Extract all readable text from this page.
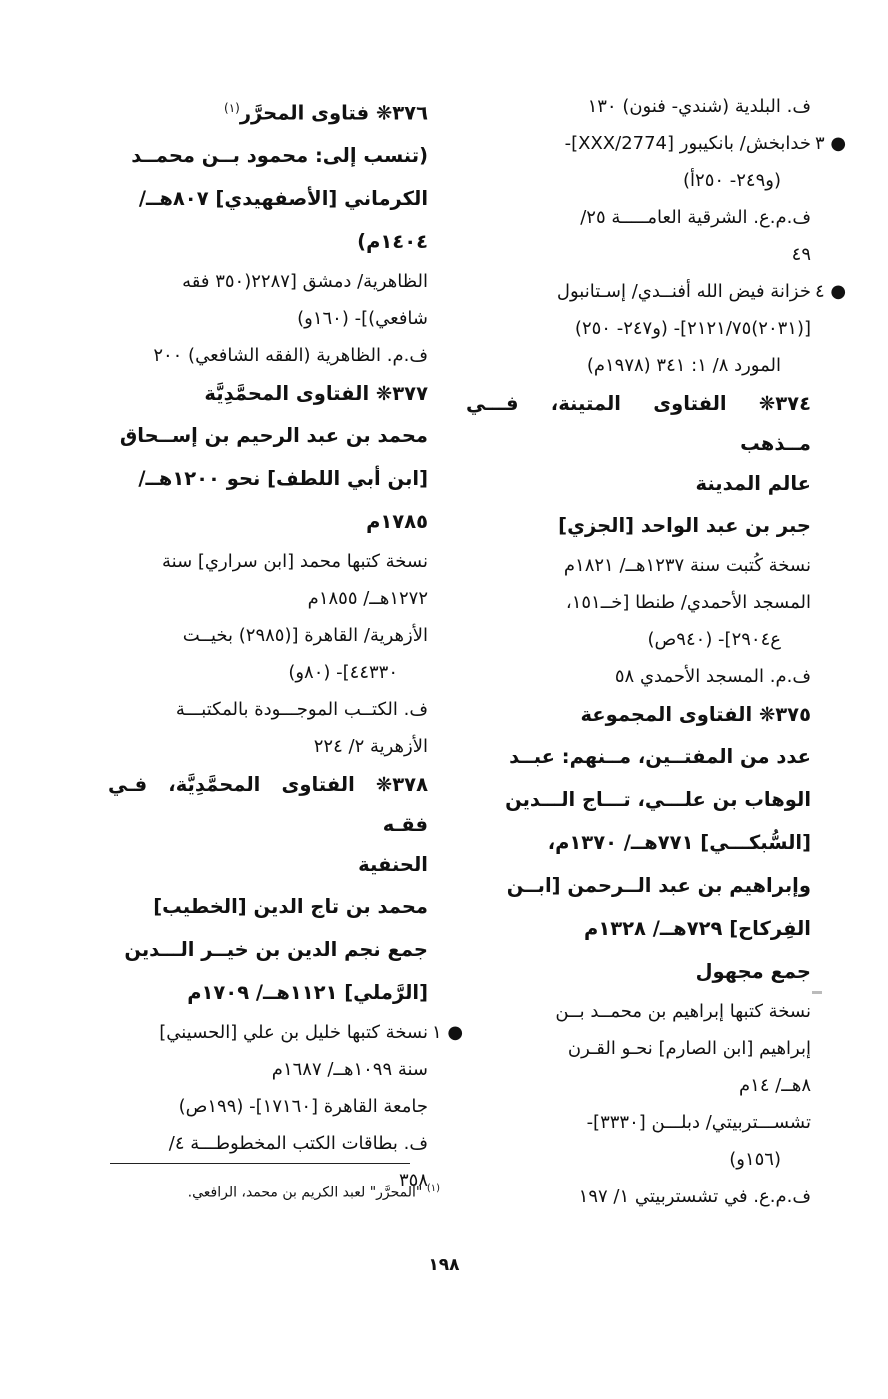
ف. البلدية (شندي- فنون) ١٣٠
● ٣
خدابخش/ بانكيبور [2774/XXX]-
(و٢٤٩- ٢٥٠أ)
ف.م.ع. الشرقية العامـــــة ٢٥/
٤٩
● ٤
خزانة فيض الله أفنــدي/ إسـتانبول
[(٢٠٣١)٢١٢١/٧٥]- (و٢٤٧- ٢٥٠)
المورد ٨/ ١: ٣٤١ (١٩٧٨م)
٣٧٤❋ الفتاوى المتينة، فـــي مــذهب
عالم المدينة
جبر بن عبد الواحد [الجزي]
نسخة كُتبت سنة ١٢٣٧هــ/ ١٨٢١م
المسجد الأحمدي/ طنطا [خــ١٥١،
ع٢٩٠٤]- (٩٤٠ص)
ف.م. المسجد الأحمدي ٥٨
٣٧٥❋ الفتاوى المجموعة
عدد من المفتــين، مــنهم: عبــد
الوهاب بن علـــي، تـــاج الـــدين
[السُّبكـــي] ٧٧١هــ/ ١٣٧٠م،
وإبراهيم بن عبد الــرحمن [ابــن
الفِركاح] ٧٢٩هــ/ ١٣٢٨م
جمع مجهول
نسخة كتبها إبراهيم بن محمــد بــن
إبراهيم [ابن الصارم] نحـو القـرن
٨هــ/ ١٤م
تشســـتربيتي/ دبلـــن [٣٣٣٠]-
(١٥٦و)
ف.م.ع. في تشستربيتي ١/ ١٩٧
٣٧٦❋ فتاوى المحرَّر$^{(١)}$
(تنسب إلى: محمود بــن محمــد
الكرماني [الأصفهيدي] ٨٠٧هــ/
١٤٠٤م)
الظاهرية/ دمشق [٢٢٨٧(٣٥٠ فقه
شافعي)]- (١٦٠و)
ف.م. الظاهرية (الفقه الشافعي) ٢٠٠
٣٧٧❋ الفتاوى المحمَّدِيَّة
محمد بن عبد الرحيم بن إســحاق
[ابن أبي اللطف] نحو ١٢٠٠هــ/
١٧٨٥م
نسخة كتبها محمد [ابن سراري] سنة
١٢٧٢هــ/ ١٨٥٥م
الأزهرية/ القاهرة [(٢٩٨٥) بخيــت
٤٤٣٣٠]- (٨٠و)
ف. الكتــب الموجـــودة بالمكتبـــة
الأزهرية ٢/ ٢٢٤
٣٧٨❋ الفتاوى المحمَّدِيَّة، فـي فقـه
الحنفية
محمد بن تاج الدين [الخطيب]
جمع نجم الدين بن خيــر الـــدين
[الرَّملي] ١١٢١هــ/ ١٧٠٩م
● ١
نسخة كتبها خليل بن علي [الحسيني]
سنة ١٠٩٩هــ/ ١٦٨٧م
جامعة القاهرة [١٧١٦٠]- (١٩٩ص)
ف. بطاقات الكتب المخطوطـــة ٤/
٣٥٨
$^{(١)}$ "المحرَّر" لعبد الكريم بن محمد، الرافعي.
١٩٨
